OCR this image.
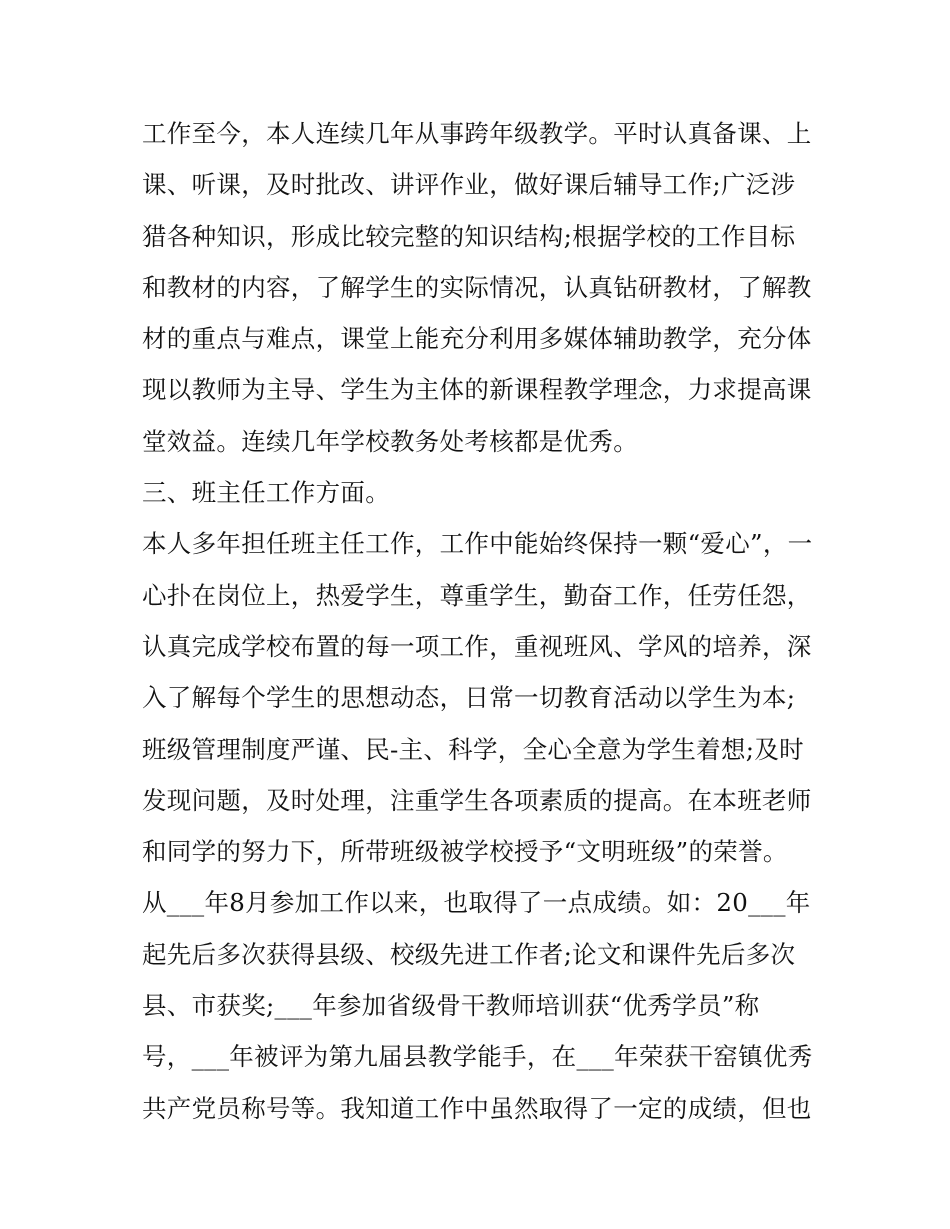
工作至今，本人连续几年从事跨年级教学。平时认真备课、上
课、听课，及时批改、讲评作业，做好课后辅导工作;广泛涉
猎各种知识，形成比较完整的知识结构;根据学校的工作目标
和教材的内容，了解学生的实际情况，认真钻研教材，了解教
材的重点与难点，课堂上能充分利用多媒体辅助教学，充分体
现以教师为主导、学生为主体的新课程教学理念，力求提高课
堂效益。连续几年学校教务处考核都是优秀。
三、班主任工作方面。
本人多年担任班主任工作，工作中能始终保持一颗“爱心”，一
心扑在岗位上，热爱学生，尊重学生，勤奋工作，任劳任怨，
认真完成学校布置的每一项工作，重视班风、学风的培养，深
入了解每个学生的思想动态，日常一切教育活动以学生为本;
班级管理制度严谨、民-主、科学，全心全意为学生着想;及时
发现问题，及时处理，注重学生各项素质的提高。在本班老师
和同学的努力下，所带班级被学校授予“文明班级”的荣誉。
从___年8月参加工作以来，也取得了一点成绩。如：20___年
起先后多次获得县级、校级先进工作者;论文和课件先后多次
县、市获奖;___年参加省级骨干教师培训获“优秀学员”称
号，___年被评为第九届县教学能手，在___年荣获干窑镇优秀
共产党员称号等。我知道工作中虽然取得了一定的成绩，但也
